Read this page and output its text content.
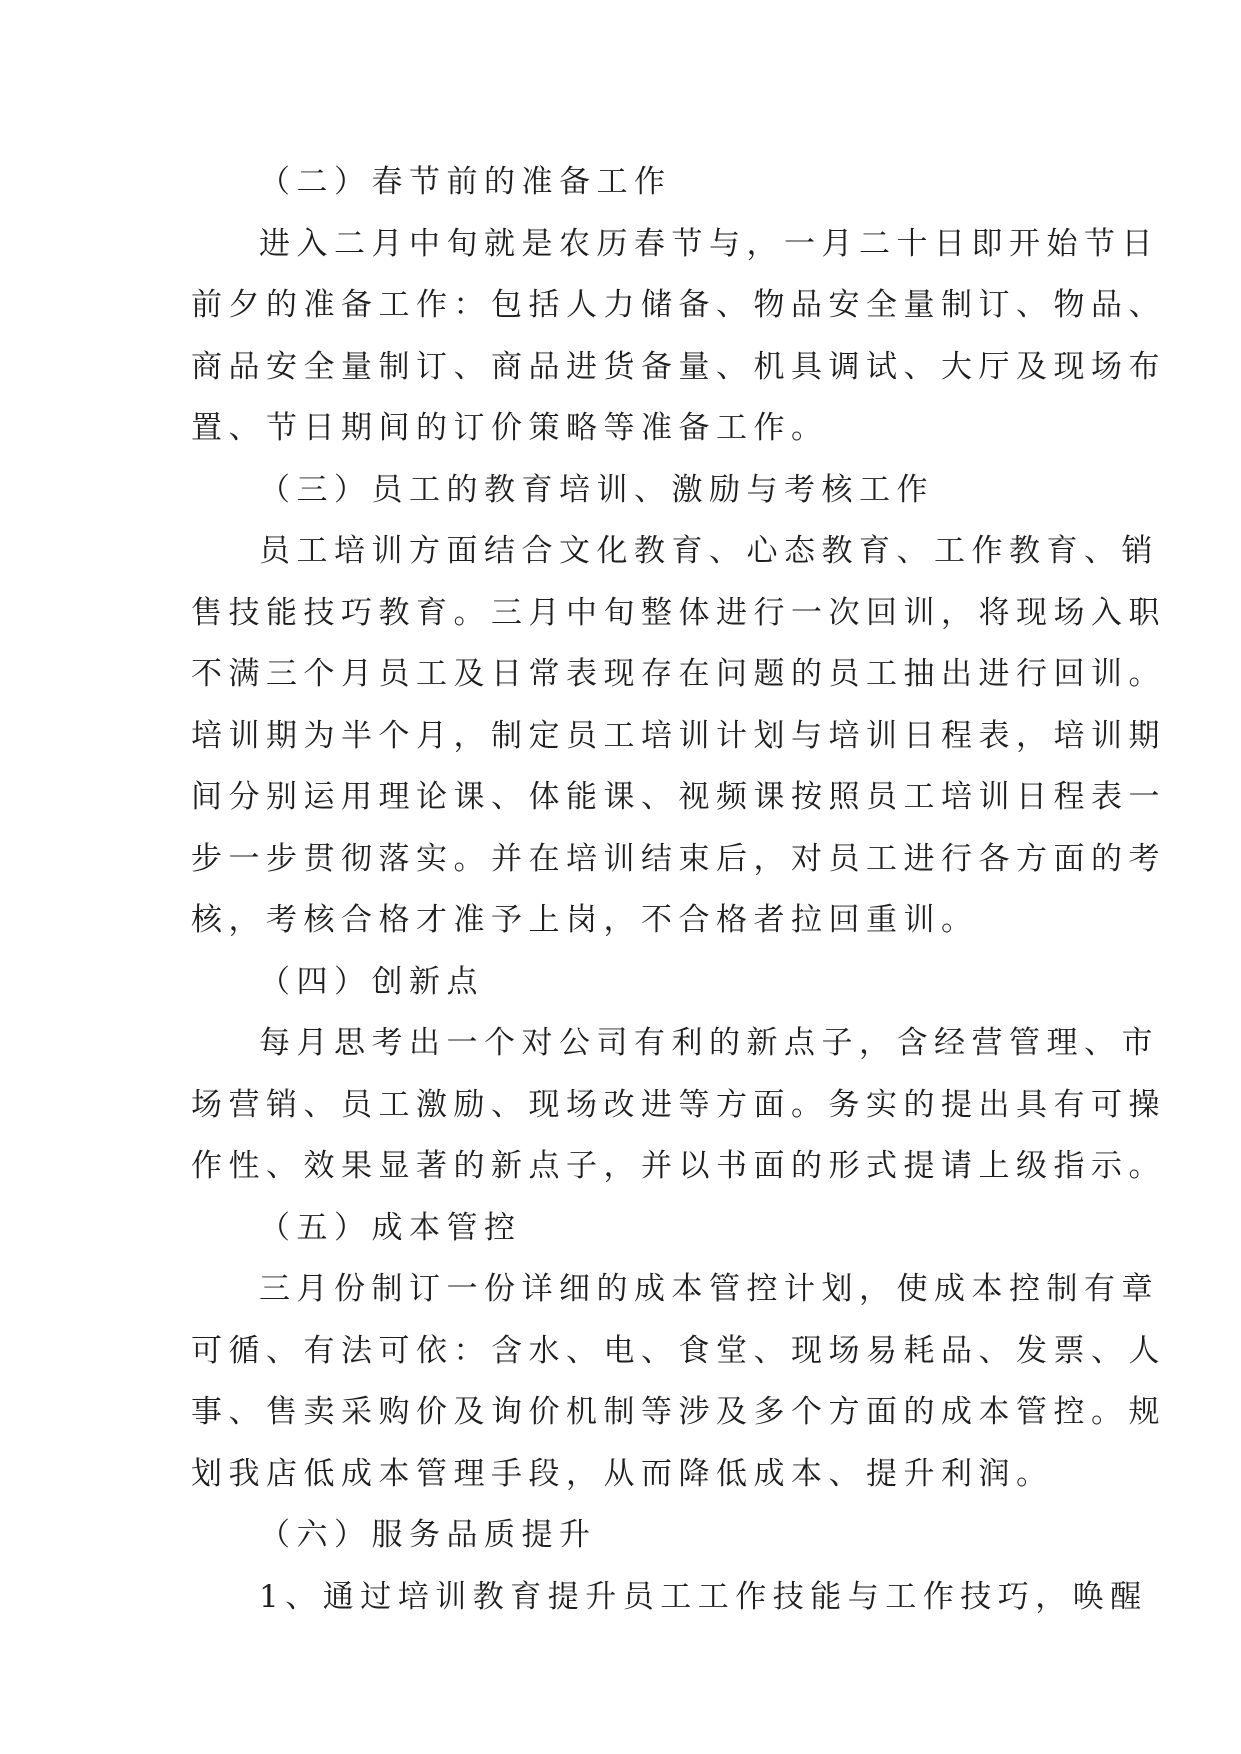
（二）春节前的准备工作
进入二月中旬就是农历春节与，一月二十日即开始节日
前夕的准备工作：包括人力储备、物品安全量制订、物品、
商品安全量制订、商品进货备量、机具调试、大厅及现场布
置、节日期间的订价策略等准备工作。
（三）员工的教育培训、激励与考核工作
员工培训方面结合文化教育、心态教育、工作教育、销
售技能技巧教育。三月中旬整体进行一次回训，将现场入职
不满三个月员工及日常表现存在问题的员工抽出进行回训。
培训期为半个月，制定员工培训计划与培训日程表，培训期
间分别运用理论课、体能课、视频课按照员工培训日程表一
步一步贯彻落实。并在培训结束后，对员工进行各方面的考
核，考核合格才准予上岗，不合格者拉回重训。
（四）创新点
每月思考出一个对公司有利的新点子，含经营管理、市
场营销、员工激励、现场改进等方面。务实的提出具有可操
作性、效果显著的新点子，并以书面的形式提请上级指示。
（五）成本管控
三月份制订一份详细的成本管控计划，使成本控制有章
可循、有法可依：含水、电、食堂、现场易耗品、发票、人
事、售卖采购价及询价机制等涉及多个方面的成本管控。规
划我店低成本管理手段，从而降低成本、提升利润。
（六）服务品质提升
1、通过培训教育提升员工工作技能与工作技巧，唤醒
